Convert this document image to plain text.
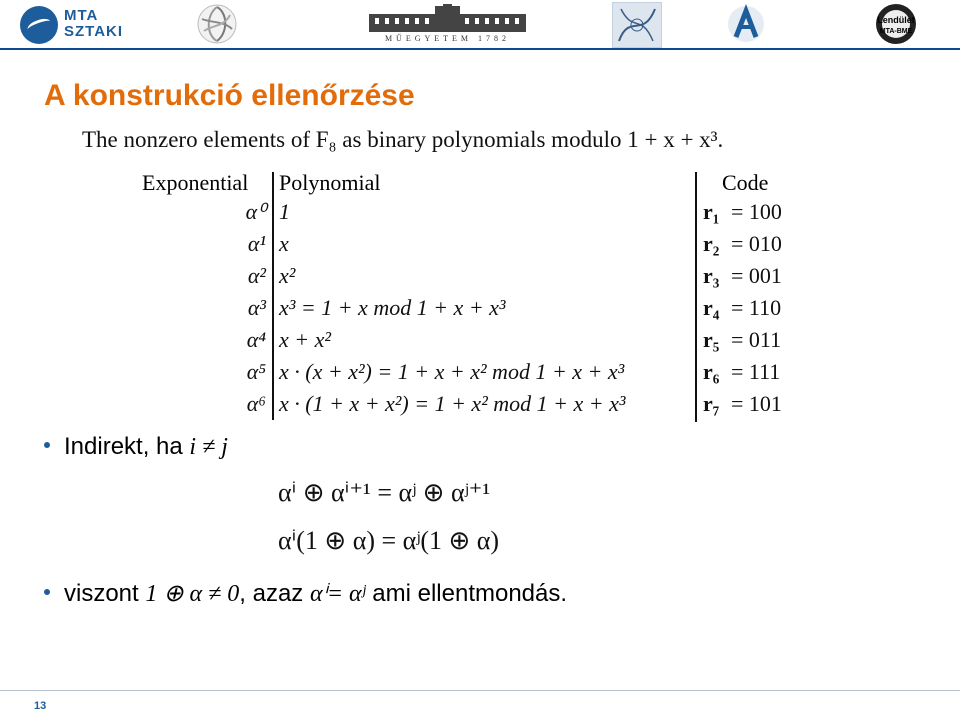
MTA
SZTAKI	MŰEGYETEM 1782
Lendület
MTA-BME
A konstrukció ellenőrzése
The nonzero elements of F₈ as binary polynomials modulo 1 + x + x³.
Exponential Polynomial	Code
α⁰ 1	r₁ = 100
α¹ x	r₂ = 010
α² x²	r₃ = 001
α³ x³ = 1 + x mod 1 + x + x³	r₄ = 110
α⁴ x + x²	r₅ = 011
α⁵ x · (x + x²) = 1 + x + x² mod 1 + x + x³	r₆ = 111
α⁶ x · (1 + x + x²) = 1 + x² mod 1 + x + x³	r₇ = 101
Indirekt, ha i ≠ j
αⁱ ⊕ αⁱ⁺¹ = αʲ ⊕ αʲ⁺¹
αⁱ(1 ⊕ α) = αʲ(1 ⊕ α)
viszont 1 ⊕ α ≠ 0, azaz αⁱ= αʲ ami ellentmondás.
13
